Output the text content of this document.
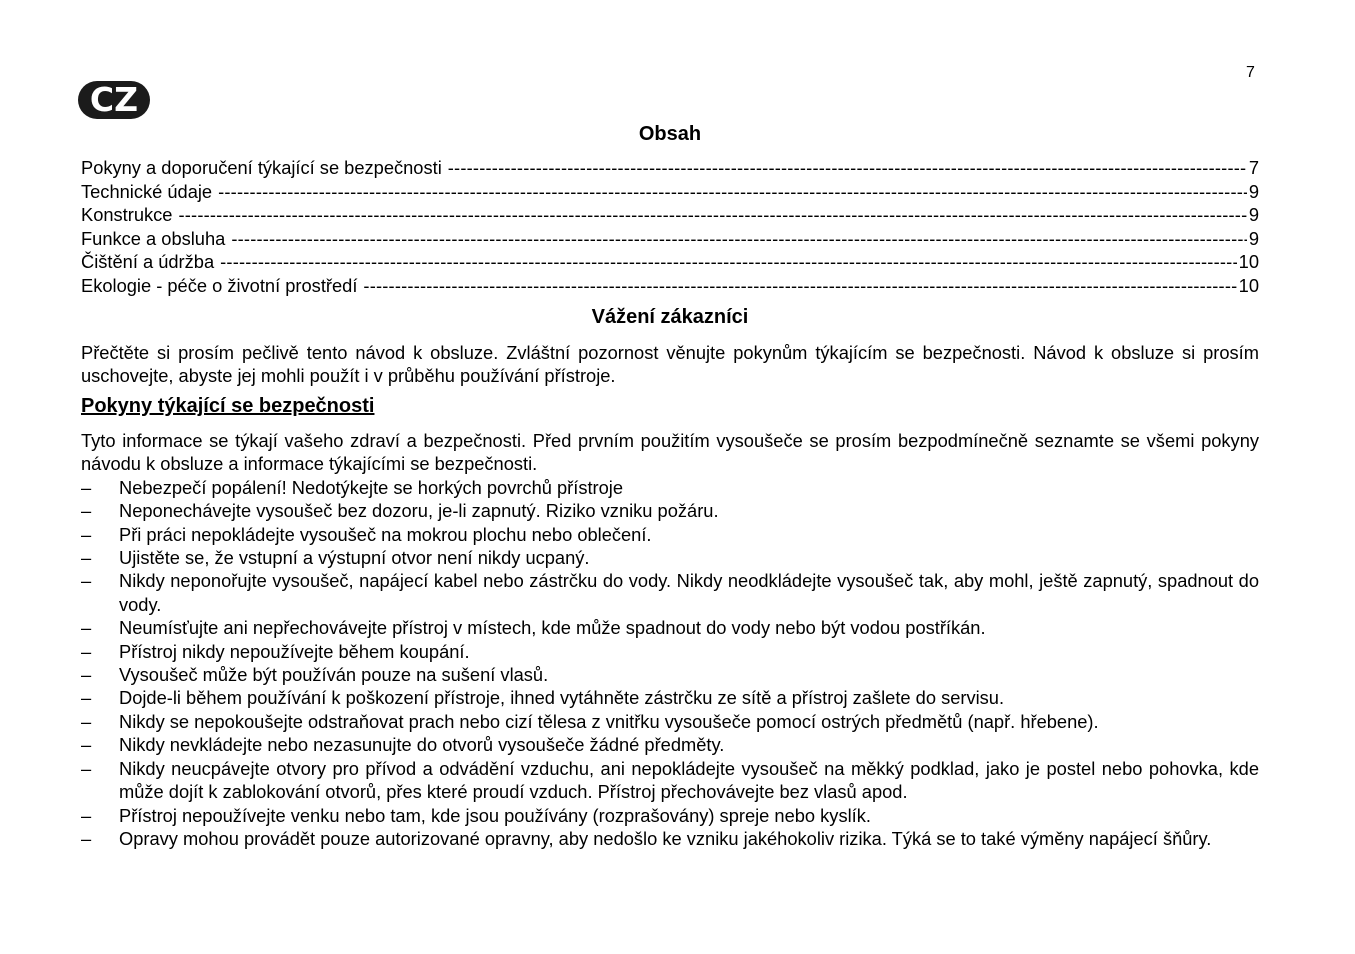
7
CZ
Obsah
Pokyny a doporučení týkající se bezpečnosti -----	7
Technické údaje -----	9
Konstrukce -----	9
Funkce a obsluha -----	9
Čištění a údržba -----	10
Ekologie - péče o životní prostředí -----	10
Vážení zákazníci
Přečtěte si prosím pečlivě tento návod k obsluze. Zvláštní pozornost věnujte pokynům týkajícím se bezpečnosti. Návod k obsluze si prosím uschovejte, abyste jej mohli použít i v průběhu používání přístroje.
Pokyny týkající se bezpečnosti
Tyto informace se týkají vašeho zdraví a bezpečnosti. Před prvním použitím vysoušeče se prosím bezpodmínečně seznamte se všemi pokyny návodu k obsluze a informace týkajícími se bezpečnosti.
– Nebezpečí popálení! Nedotýkejte se horkých povrchů přístroje
– Neponechávejte vysoušeč bez dozoru, je-li zapnutý. Riziko vzniku požáru.
– Při práci nepokládejte vysoušeč na mokrou plochu nebo oblečení.
– Ujistěte se, že vstupní a výstupní otvor není nikdy ucpaný.
– Nikdy neponořujte vysoušeč, napájecí kabel nebo zástrčku do vody. Nikdy neodkládejte vysoušeč tak, aby mohl, ještě zapnutý, spadnout do vody.
– Neumísťujte ani nepřechovávejte přístroj v místech, kde může spadnout do vody nebo být vodou postříkán.
– Přístroj nikdy nepoužívejte během koupání.
– Vysoušeč může být používán pouze na sušení vlasů.
– Dojde-li během používání k poškození přístroje, ihned vytáhněte zástrčku ze sítě a přístroj zašlete do servisu.
– Nikdy se nepokoušejte odstraňovat prach nebo cizí tělesa z vnitřku vysoušeče pomocí ostrých předmětů (např. hřebene).
– Nikdy nevkládejte nebo nezasunujte do otvorů vysoušeče žádné předměty.
– Nikdy neucpávejte otvory pro přívod a odvádění vzduchu, ani nepokládejte vysoušeč na měkký podklad, jako je postel nebo pohovka, kde může dojít k zablokování otvorů, přes které proudí vzduch. Přístroj přechovávejte bez vlasů apod.
– Přístroj nepoužívejte venku nebo tam, kde jsou používány (rozprašovány) spreje nebo kyslík.
– Opravy mohou provádět pouze autorizované opravny, aby nedošlo ke vzniku jakéhokoliv rizika. Týká se to také výměny napájecí šňůry.
